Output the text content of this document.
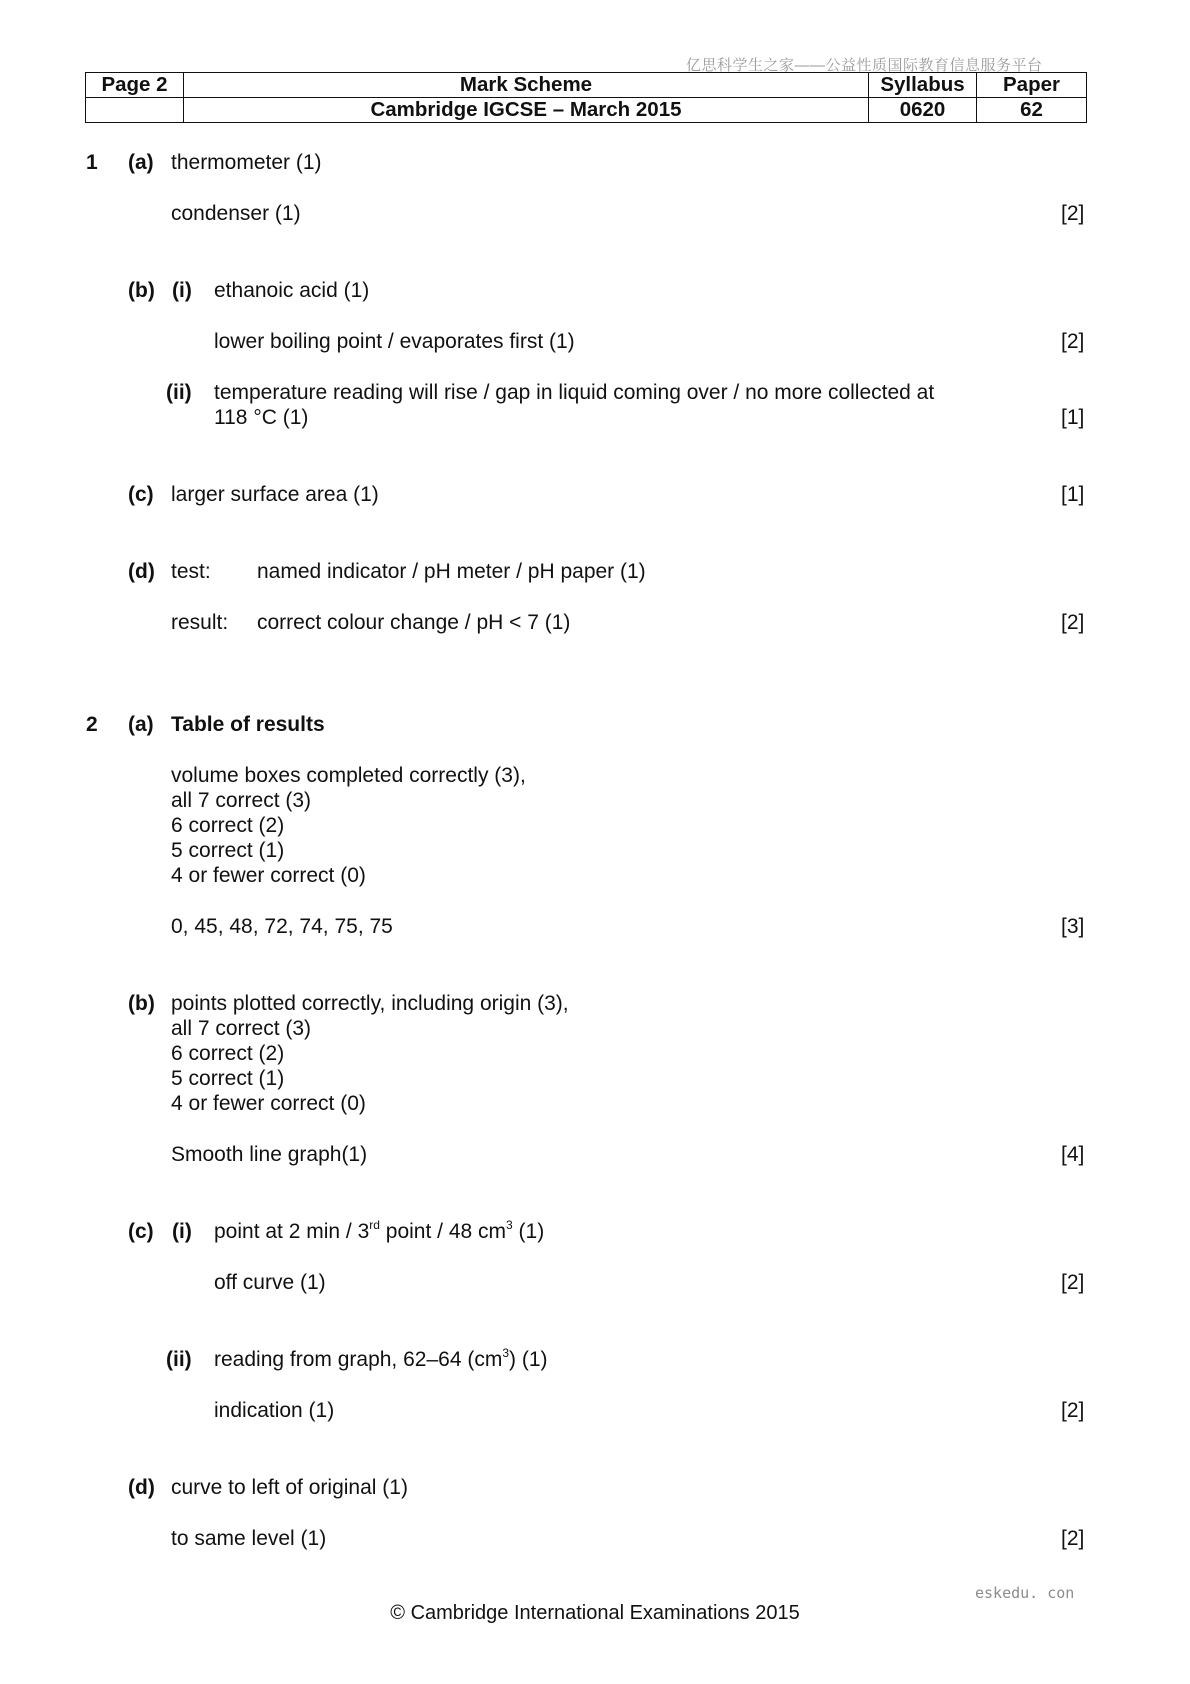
亿思科学生之家——公益性质国际教育信息服务平台
Page 2	Mark Scheme	Syllabus	Paper
	Cambridge IGCSE – March 2015	0620	62
1 (a) thermometer (1)
condenser (1)	[2]
(b) (i) ethanoic acid (1)
lower boiling point / evaporates first (1)	[2]
(ii) temperature reading will rise / gap in liquid coming over / no more collected at
118 °C (1)	[1]
(c) larger surface area (1)	[1]
(d) test: named indicator / pH meter / pH paper (1)
result: correct colour change / pH < 7 (1)	[2]
2 (a) Table of results
volume boxes completed correctly (3),
all 7 correct (3)
6 correct (2)
5 correct (1)
4 or fewer correct (0)
0, 45, 48, 72, 74, 75, 75	[3]
(b) points plotted correctly, including origin (3),
all 7 correct (3)
6 correct (2)
5 correct (1)
4 or fewer correct (0)
Smooth line graph(1)	[4]
(c) (i) point at 2 min / 3rd point / 48 $cm^3$ (1)
off curve (1)	[2]
(ii) reading from graph, 62–64 $(cm^3)$ (1)
indication (1)	[2]
(d) curve to left of original (1)
to same level (1)	[2]
eskedu. con
© Cambridge International Examinations 2015
